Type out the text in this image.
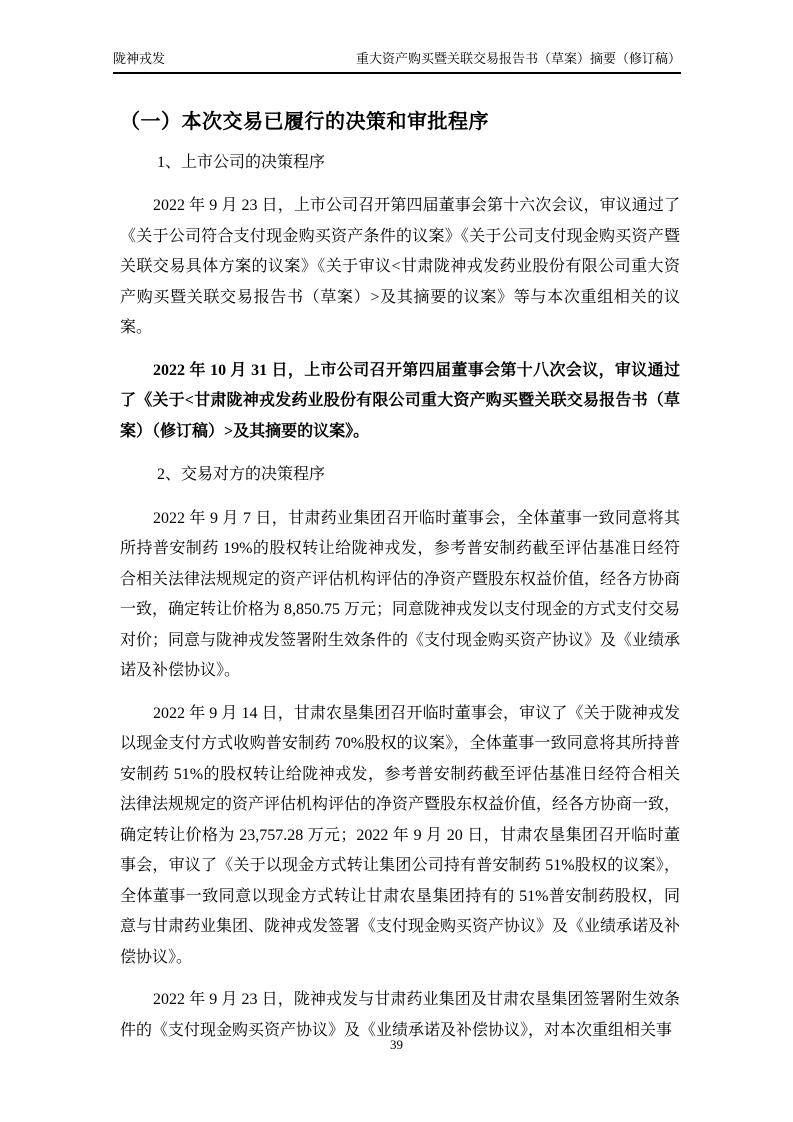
陇神戎发	重大资产购买暨关联交易报告书（草案）摘要（修订稿）
（一）本次交易已履行的决策和审批程序
1、上市公司的决策程序

2022 年 9 月 23 日，上市公司召开第四届董事会第十六次会议，审议通过了《关于公司符合支付现金购买资产条件的议案》《关于公司支付现金购买资产暨关联交易具体方案的议案》《关于审议<甘肃陇神戎发药业股份有限公司重大资产购买暨关联交易报告书（草案）>及其摘要的议案》等与本次重组相关的议案。

2022 年 10 月 31 日，上市公司召开第四届董事会第十八次会议，审议通过了《关于<甘肃陇神戎发药业股份有限公司重大资产购买暨关联交易报告书（草案）（修订稿）>及其摘要的议案》。

2、交易对方的决策程序

2022 年 9 月 7 日，甘肃药业集团召开临时董事会，全体董事一致同意将其所持普安制药 19%的股权转让给陇神戎发，参考普安制药截至评估基准日经符合相关法律法规规定的资产评估机构评估的净资产暨股东权益价值，经各方协商一致，确定转让价格为 8,850.75 万元；同意陇神戎发以支付现金的方式支付交易对价；同意与陇神戎发签署附生效条件的《支付现金购买资产协议》及《业绩承诺及补偿协议》。

2022 年 9 月 14 日，甘肃农垦集团召开临时董事会，审议了《关于陇神戎发以现金支付方式收购普安制药 70%股权的议案》，全体董事一致同意将其所持普安制药 51%的股权转让给陇神戎发，参考普安制药截至评估基准日经符合相关法律法规规定的资产评估机构评估的净资产暨股东权益价值，经各方协商一致，确定转让价格为 23,757.28 万元；2022 年 9 月 20 日，甘肃农垦集团召开临时董事会，审议了《关于以现金方式转让集团公司持有普安制药 51%股权的议案》，全体董事一致同意以现金方式转让甘肃农垦集团持有的 51%普安制药股权，同意与甘肃药业集团、陇神戎发签署《支付现金购买资产协议》及《业绩承诺及补偿协议》。

2022 年 9 月 23 日，陇神戎发与甘肃药业集团及甘肃农垦集团签署附生效条件的《支付现金购买资产协议》及《业绩承诺及补偿协议》，对本次重组相关事

39
